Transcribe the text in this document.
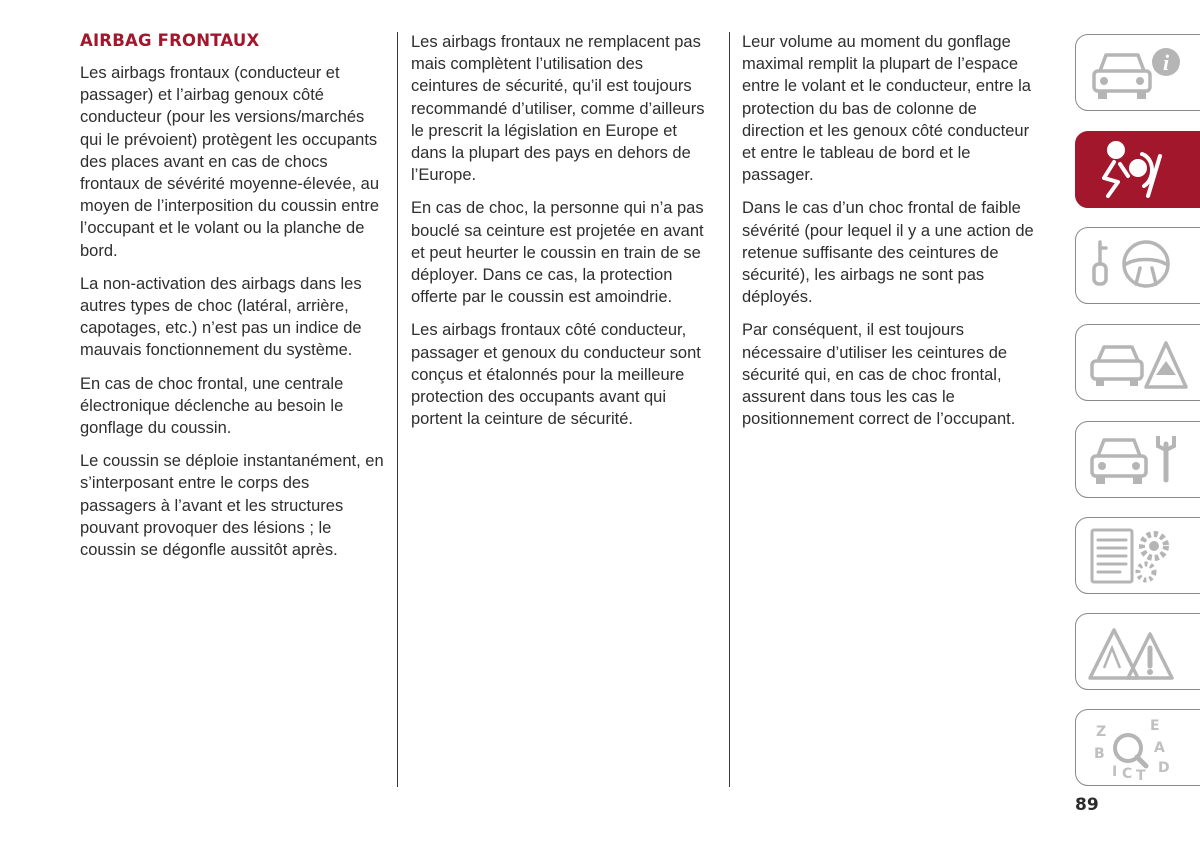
AIRBAG FRONTAUX

Les airbags frontaux (conducteur et passager) et l’airbag genoux côté conducteur (pour les versions/marchés qui le prévoient) protègent les occupants des places avant en cas de chocs frontaux de sévérité moyenne-élevée, au moyen de l’interposition du coussin entre l’occupant et le volant ou la planche de bord.

La non-activation des airbags dans les autres types de choc (latéral, arrière, capotages, etc.) n’est pas un indice de mauvais fonctionnement du système.

En cas de choc frontal, une centrale électronique déclenche au besoin le gonflage du coussin.

Le coussin se déploie instantanément, en s’interposant entre le corps des passagers à l’avant et les structures pouvant provoquer des lésions ; le coussin se dégonfle aussitôt après.

Les airbags frontaux ne remplacent pas mais complètent l’utilisation des ceintures de sécurité, qu’il est toujours recommandé d’utiliser, comme d’ailleurs le prescrit la législation en Europe et dans la plupart des pays en dehors de l’Europe.

En cas de choc, la personne qui n’a pas bouclé sa ceinture est projetée en avant et peut heurter le coussin en train de se déployer. Dans ce cas, la protection offerte par le coussin est amoindrie.

Les airbags frontaux côté conducteur, passager et genoux du conducteur sont conçus et étalonnés pour la meilleure protection des occupants avant qui portent la ceinture de sécurité.

Leur volume au moment du gonflage maximal remplit la plupart de l’espace entre le volant et le conducteur, entre la protection du bas de colonne de direction et les genoux côté conducteur et entre le tableau de bord et le passager.

Dans le cas d’un choc frontal de faible sévérité (pour lequel il y a une action de retenue suffisante des ceintures de sécurité), les airbags ne sont pas déployés.

Par conséquent, il est toujours nécessaire d’utiliser les ceintures de sécurité qui, en cas de choc frontal, assurent dans tous les cas le positionnement correct de l’occupant.

i
Z	E
A
B
D
I C T
89
